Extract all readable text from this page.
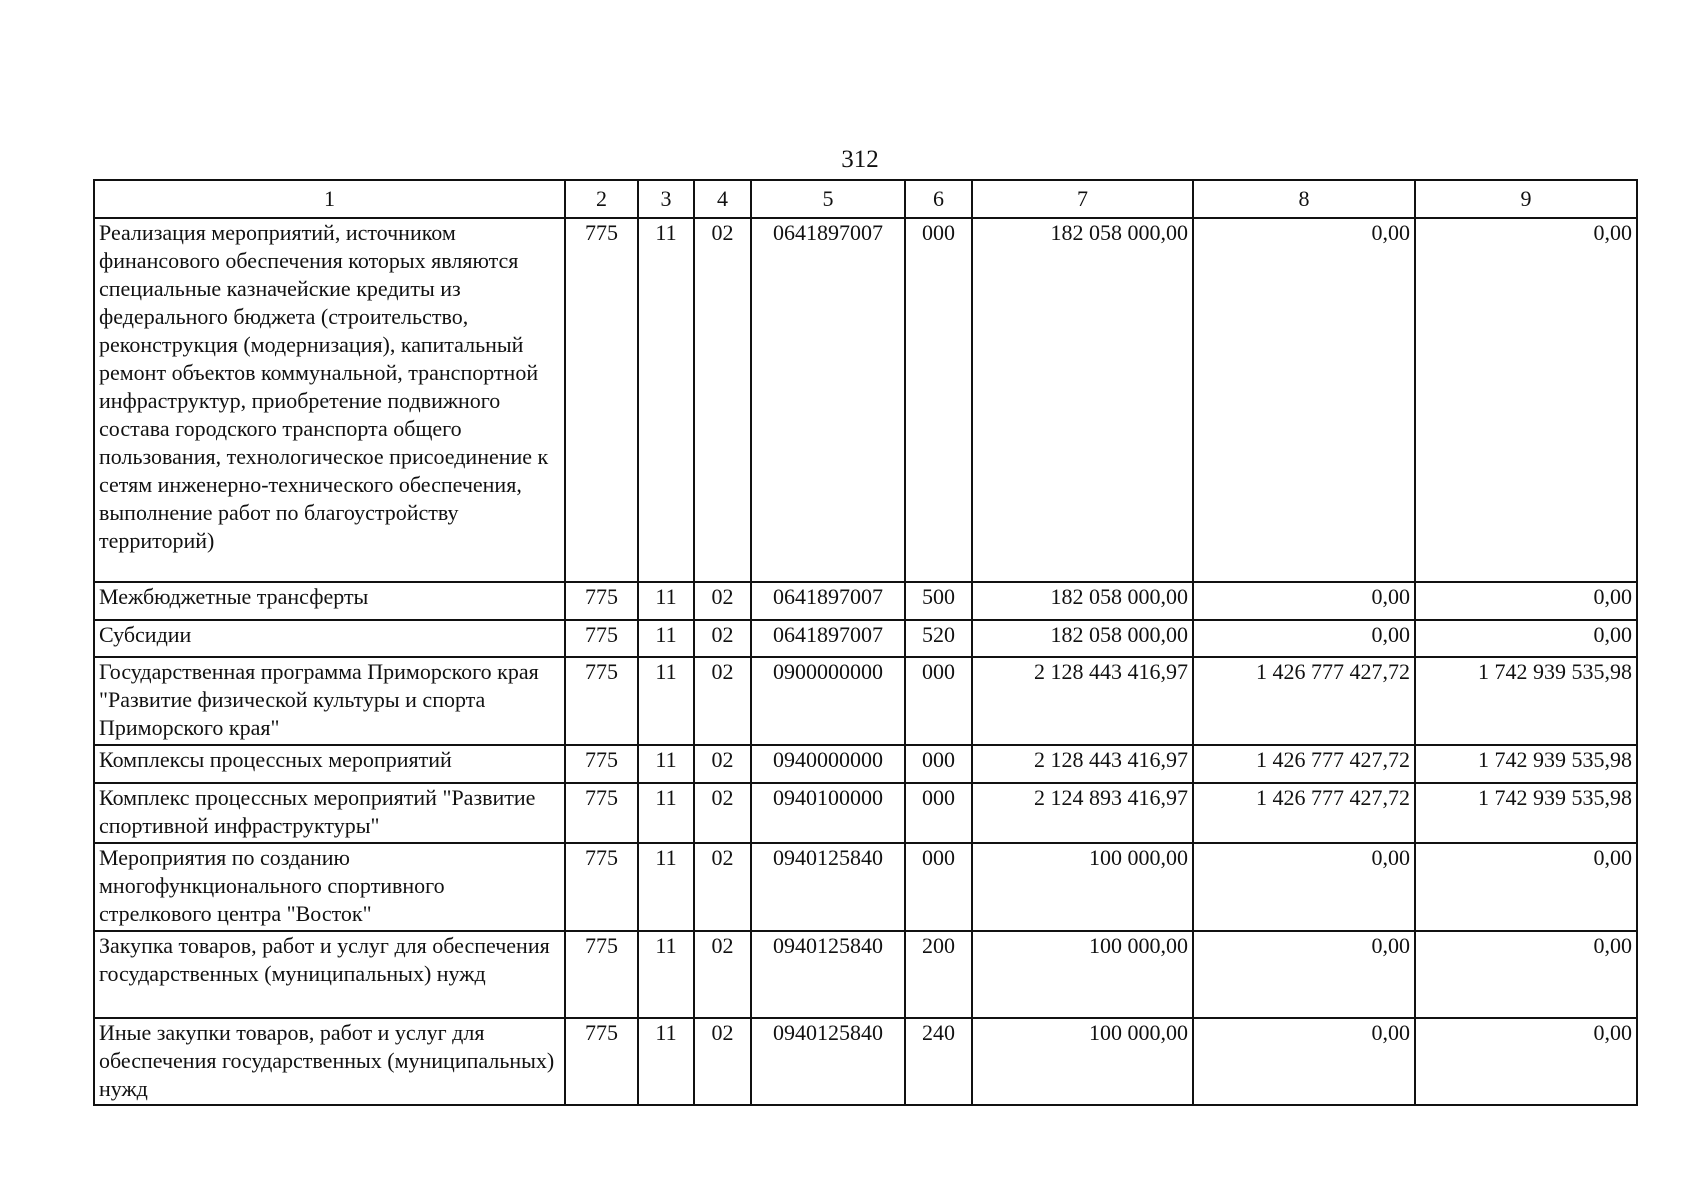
312
1	2	3	4	5	6	7	8	9
Реализация мероприятий, источником финансового обеспечения которых являются специальные казначейские кредиты из федерального бюджета (строительство, реконструкция (модернизация), капитальный ремонт объектов коммунальной, транспортной инфраструктур, приобретение подвижного состава городского транспорта общего пользования, технологическое присоединение к сетям инженерно-технического обеспечения, выполнение работ по благоустройству территорий)	775	11	02	0641897007	000	182 058 000,00	0,00	0,00
Межбюджетные трансферты	775	11	02	0641897007	500	182 058 000,00	0,00	0,00
Субсидии	775	11	02	0641897007	520	182 058 000,00	0,00	0,00
Государственная программа Приморского края "Развитие физической культуры и спорта Приморского края"	775	11	02	0900000000	000	2 128 443 416,97	1 426 777 427,72	1 742 939 535,98
Комплексы процессных мероприятий	775	11	02	0940000000	000	2 128 443 416,97	1 426 777 427,72	1 742 939 535,98
Комплекс процессных мероприятий "Развитие спортивной инфраструктуры"	775	11	02	0940100000	000	2 124 893 416,97	1 426 777 427,72	1 742 939 535,98
Мероприятия по созданию многофункционального спортивного стрелкового центра "Восток"	775	11	02	0940125840	000	100 000,00	0,00	0,00
Закупка товаров, работ и услуг для обеспечения государственных (муниципальных) нужд	775	11	02	0940125840	200	100 000,00	0,00	0,00
Иные закупки товаров, работ и услуг для обеспечения государственных (муниципальных) нужд	775	11	02	0940125840	240	100 000,00	0,00	0,00
